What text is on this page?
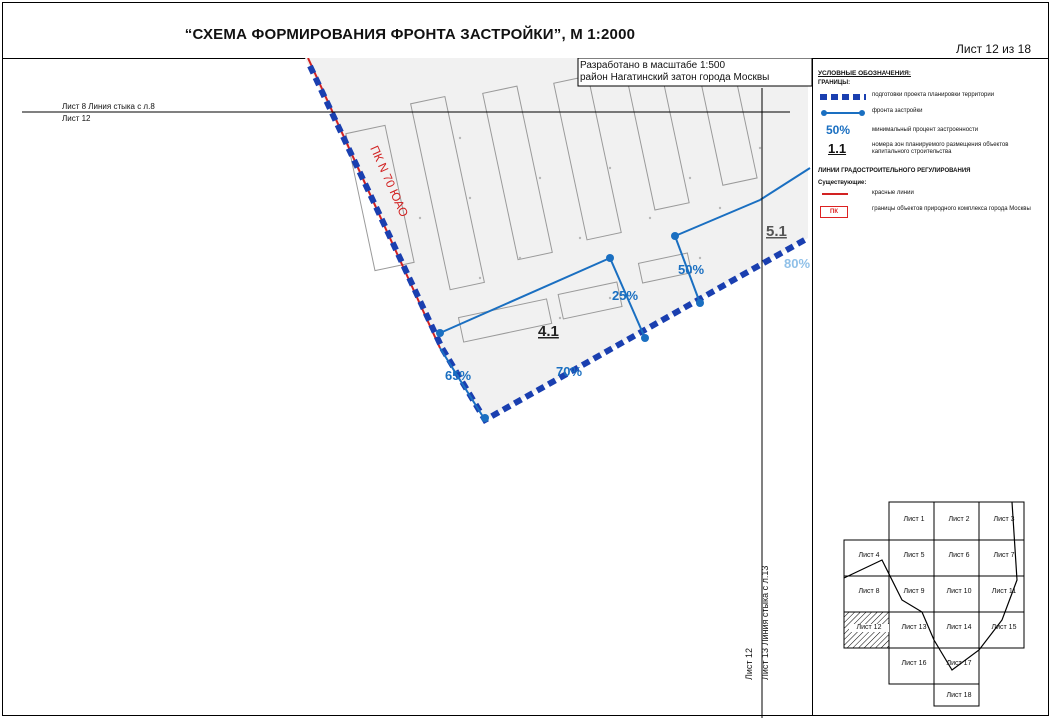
“СХЕМА ФОРМИРОВАНИЯ ФРОНТА ЗАСТРОЙКИ”, М 1:2000
Лист 12 из 18
ПК N 70 ЮАО
4.1
5.1
65%	70%
25%
50%	80%
Разработано в масштабе 1:500
район Нагатинский затон города Москвы
Лист 8 Линия стыка с л.8
Лист 12
Лист 12 Лист 13 Линия стыка с л.13
УСЛОВНЫЕ ОБОЗНАЧЕНИЯ:
ГРАНИЦЫ:
подготовки проекта планировки территории
фронта застройки
50%	минимальный процент застроенности
1.1	номера зон планируемого размещения объектов капитального строительства
ЛИНИИ ГРАДОСТРОИТЕЛЬНОГО РЕГУЛИРОВАНИЯ
Существующие:
красные линии
ПК	границы объектов природного комплекса города Москвы
Лист 1	Лист 2	Лист 3
Лист 4	Лист 5	Лист 6	Лист 7
Лист 8	Лист 9	Лист 10	Лист 11
Лист 12	Лист 13	Лист 14	Лист 15
Лист 16	Лист 17
Лист 18
